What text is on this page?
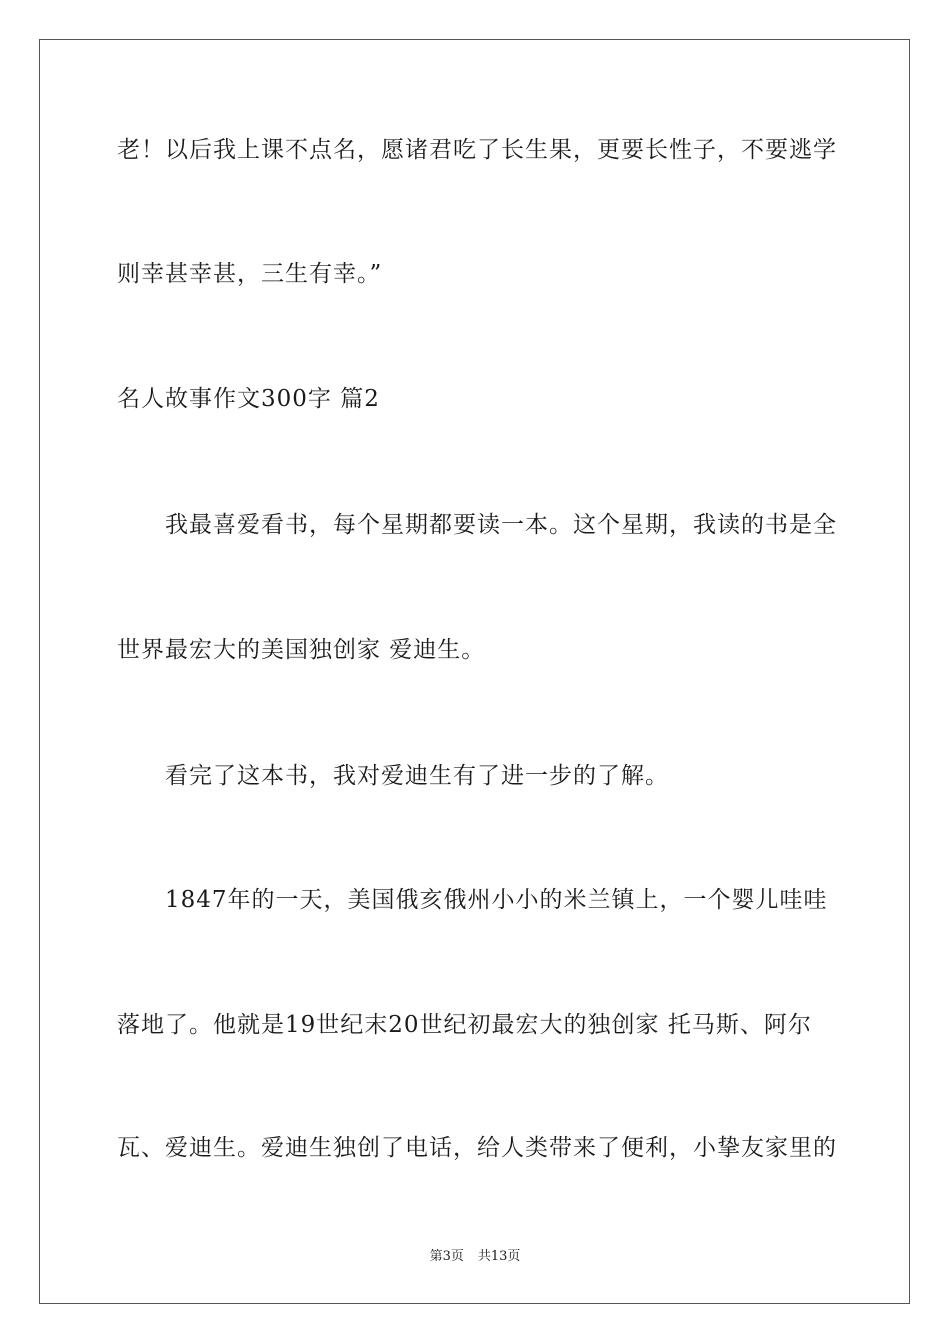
老！以后我上课不点名，愿诸君吃了长生果，更要长性子，不要逃学
则幸甚幸甚，三生有幸。”
名人故事作文300字 篇2
我最喜爱看书，每个星期都要读一本。这个星期，我读的书是全
世界最宏大的美国独创家 爱迪生。
看完了这本书，我对爱迪生有了进一步的了解。
1847年的一天，美国俄亥俄州小小的米兰镇上，一个婴儿哇哇
落地了。他就是19世纪末20世纪初最宏大的独创家 托马斯、阿尔
瓦、爱迪生。爱迪生独创了电话，给人类带来了便利，小挚友家里的
第3页 共13页
